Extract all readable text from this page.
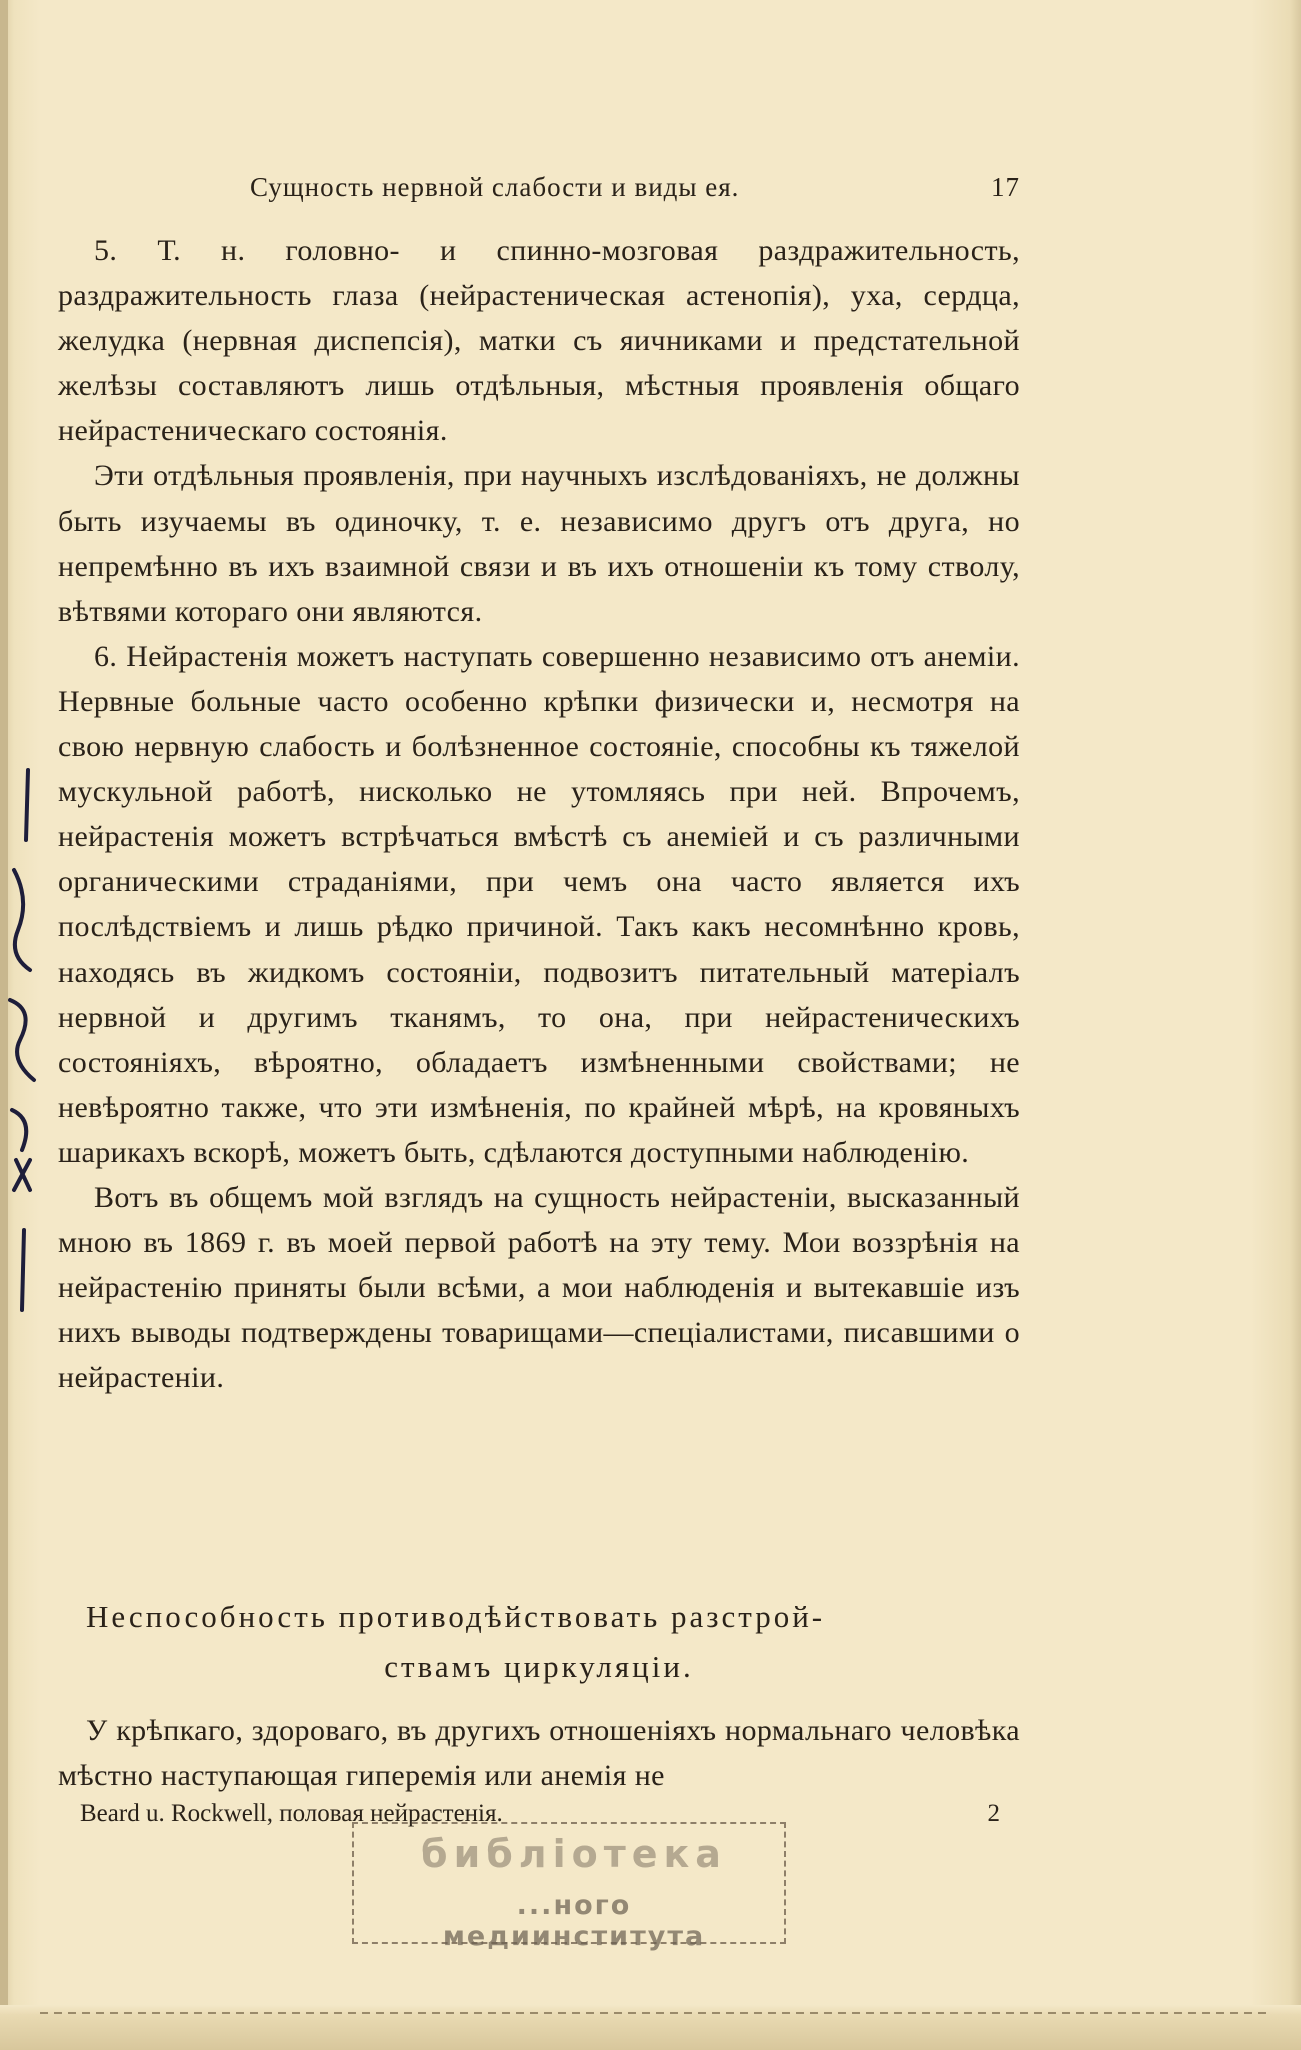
Сущность нервной слабости и виды ея.	17

5. Т. н. головно- и спинно-мозговая раздражительность, раздражительность глаза (нейрастеническая астенопія), уха, сердца, желудка (нервная диспепсія), матки съ яичниками и предстательной желѣзы составляютъ лишь отдѣльныя, мѣстныя проявленія общаго нейрастеническаго состоянія.

Эти отдѣльныя проявленія, при научныхъ изслѣдованіяхъ, не должны быть изучаемы въ одиночку, т. е. независимо другъ отъ друга, но непремѣнно въ ихъ взаимной связи и въ ихъ отношеніи къ тому стволу, вѣтвями котораго они являются.

6. Нейрастенія можетъ наступать совершенно независимо отъ анеміи. Нервные больные часто особенно крѣпки физически и, несмотря на свою нервную слабость и болѣзненное состояніе, способны къ тяжелой мускульной работѣ, нисколько не утомляясь при ней. Впрочемъ, нейрастенія можетъ встрѣчаться вмѣстѣ съ анеміей и съ различными органическими страданіями, при чемъ она часто является ихъ послѣдствіемъ и лишь рѣдко причиной. Такъ какъ несомнѣнно кровь, находясь въ жидкомъ состояніи, подвозитъ питательный матеріалъ нервной и другимъ тканямъ, то она, при нейрастеническихъ состояніяхъ, вѣроятно, обладаетъ измѣненными свойствами; не невѣроятно также, что эти измѣненія, по крайней мѣрѣ, на кровяныхъ шарикахъ вскорѣ, можетъ быть, сдѣлаются доступными наблюденію.

Вотъ въ общемъ мой взглядъ на сущность нейрастеніи, высказанный мною въ 1869 г. въ моей первой работѣ на эту тему. Мои воззрѣнія на нейрастенію приняты были всѣми, а мои наблюденія и вытекавшіе изъ нихъ выводы подтверждены товарищами—спеціалистами, писавшими о нейрастеніи.

Неспособность противодѣйствовать разстрой-
ствамъ циркуляціи.

У крѣпкаго, здороваго, въ другихъ отношеніяхъ нормальнаго человѣка мѣстно наступающая гиперемія или анемія не

Beard u. Rockwell, половая нейрастенія.	2
библіотека
...ного медиинститута
